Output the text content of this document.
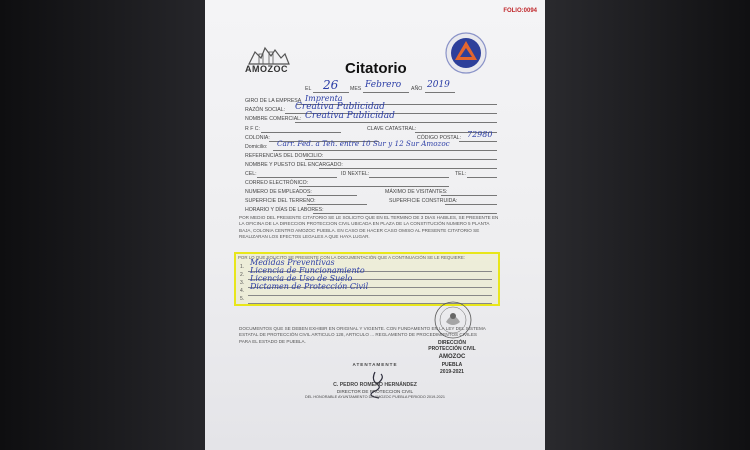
FOLIO:0094
AMOZOC	Citatorio
EL 26 MES Febrero AÑO 2019
GIRO DE LA EMPRESA Imprenta
RAZÓN SOCIAL: Creativa Publicidad
NOMBRE COMERCIAL: Creativa Publicidad
R F C:	CLAVE CATASTRAL:
COLONIA:	CÓDIGO POSTAL: 72980
Domicilio: Carr. Fed. a Teh. entre 10 Sur y 12 Sur Amozoc
REFERENCIAS DEL DOMICILIO:
NOMBRE Y PUESTO DEL ENCARGADO:
CEL:	ID NEXTEL:	TEL:
CORREO ELECTRÓNICO:
NUMERO DE EMPLEADOS:	MÁXIMO DE VISITANTES:
SUPERFICIE DEL TERRENO:	SUPERFICIE CONSTRUIDA:
HORARIO Y DÍAS DE LABORES:
POR MEDIO DEL PRESENTE CITATORIO SE LE SOLICITO QUE EN EL TERMINO DE 3 DIAS HABILES, SE PRESENTE EN LA OFICINA DE LA DIRECCION PROTECCION CIVIL UBICADA EN PLAZA DE LA CONSTITUCIÓN NUMERO 5 PLANTA BAJA, COLONIA CENTRO AMOZOC PUEBLA. EN CASO DE HACER CASO OMISO AL PRESENTE CITATORIO SE REALIZARAN LOS EFECTOS LEGALES A QUE HAYA LUGAR.
POR LO QUE SOLICITO SE PRESENTE CON LA DOCUMENTACIÓN QUE A CONTINUACIÓN SE LE REQUIERE:
1. Medidas Preventivas
2. Licencia de Funcionamiento
3. Licencia de Uso de Suelo
4. Dictamen de Protección Civil
5.
DOCUMENTOS QUE SE DEBEN EXHIBIR EN ORIGINAL Y VIGENTE. CON FUNDAMENTO EN LA LEY DEL SISTEMA ESTATAL DE PROTECCIÓN CIVIL ARTICULO 128, ARTICULO ... REGLAMENTO DE PROCEDIMIENTOS CIVILES PARA EL ESTADO DE PUEBLA.	DIRECCIÓN
PROTECCIÓN CIVIL
AMOZOC
PUEBLA
2019-2021
ATENTAMENTE
C. PEDRO ROMERO HERNÁNDEZ
DIRECTOR DE PROTECCION CIVIL
DEL HONORABLE AYUNTAMIENTO DE AMOZOC PUEBLA PERIODO 2019-2021
